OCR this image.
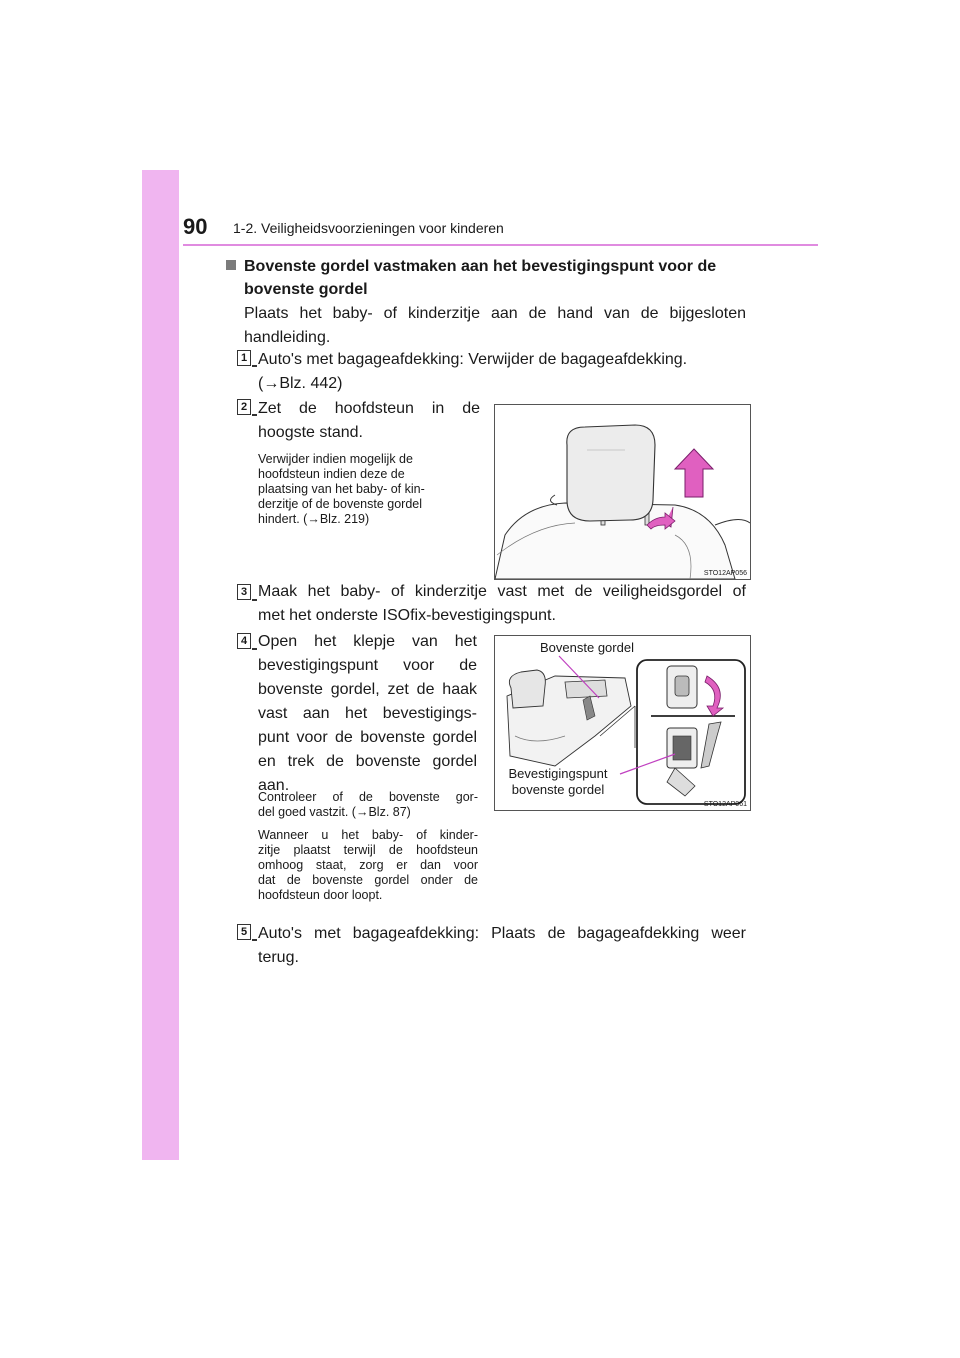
90 1-2. Veiligheidsvoorzieningen voor kinderen
Bovenste gordel vastmaken aan het bevestigingspunt voor de
bovenste gordel
Plaats het baby- of kinderzitje aan de hand van de bijgesloten handleiding.
1 Auto's met bagageafdekking: Verwijder de bagageafdekking.
(→Blz. 442)
2 Zet de hoofdsteun in de
hoogste stand.
Verwijder indien mogelijk de
hoofdsteun indien deze de
plaatsing van het baby- of kin-
derzitje of de bovenste gordel
hindert. (→Blz. 219)
STO12AP056
3 Maak het baby- of kinderzitje vast met de veiligheidsgordel of
met het onderste ISOfix-bevestigingspunt.
4 Open het klepje van het
bevestigingspunt voor de
bovenste gordel, zet de haak
vast aan het bevestigings-
punt voor de bovenste gordel
en trek de bovenste gordel
aan.
Controleer of de bovenste gor-
del goed vastzit. (→Blz. 87)
Wanneer u het baby- of kinder-
zitje plaatst terwijl de hoofdsteun
omhoog staat, zorg er dan voor
dat de bovenste gordel onder de
hoofdsteun door loopt.
Bovenste gordel
Bevestigingspunt
bovenste gordel
STO12AP061
5 Auto's met bagageafdekking: Plaats de bagageafdekking weer
terug.
